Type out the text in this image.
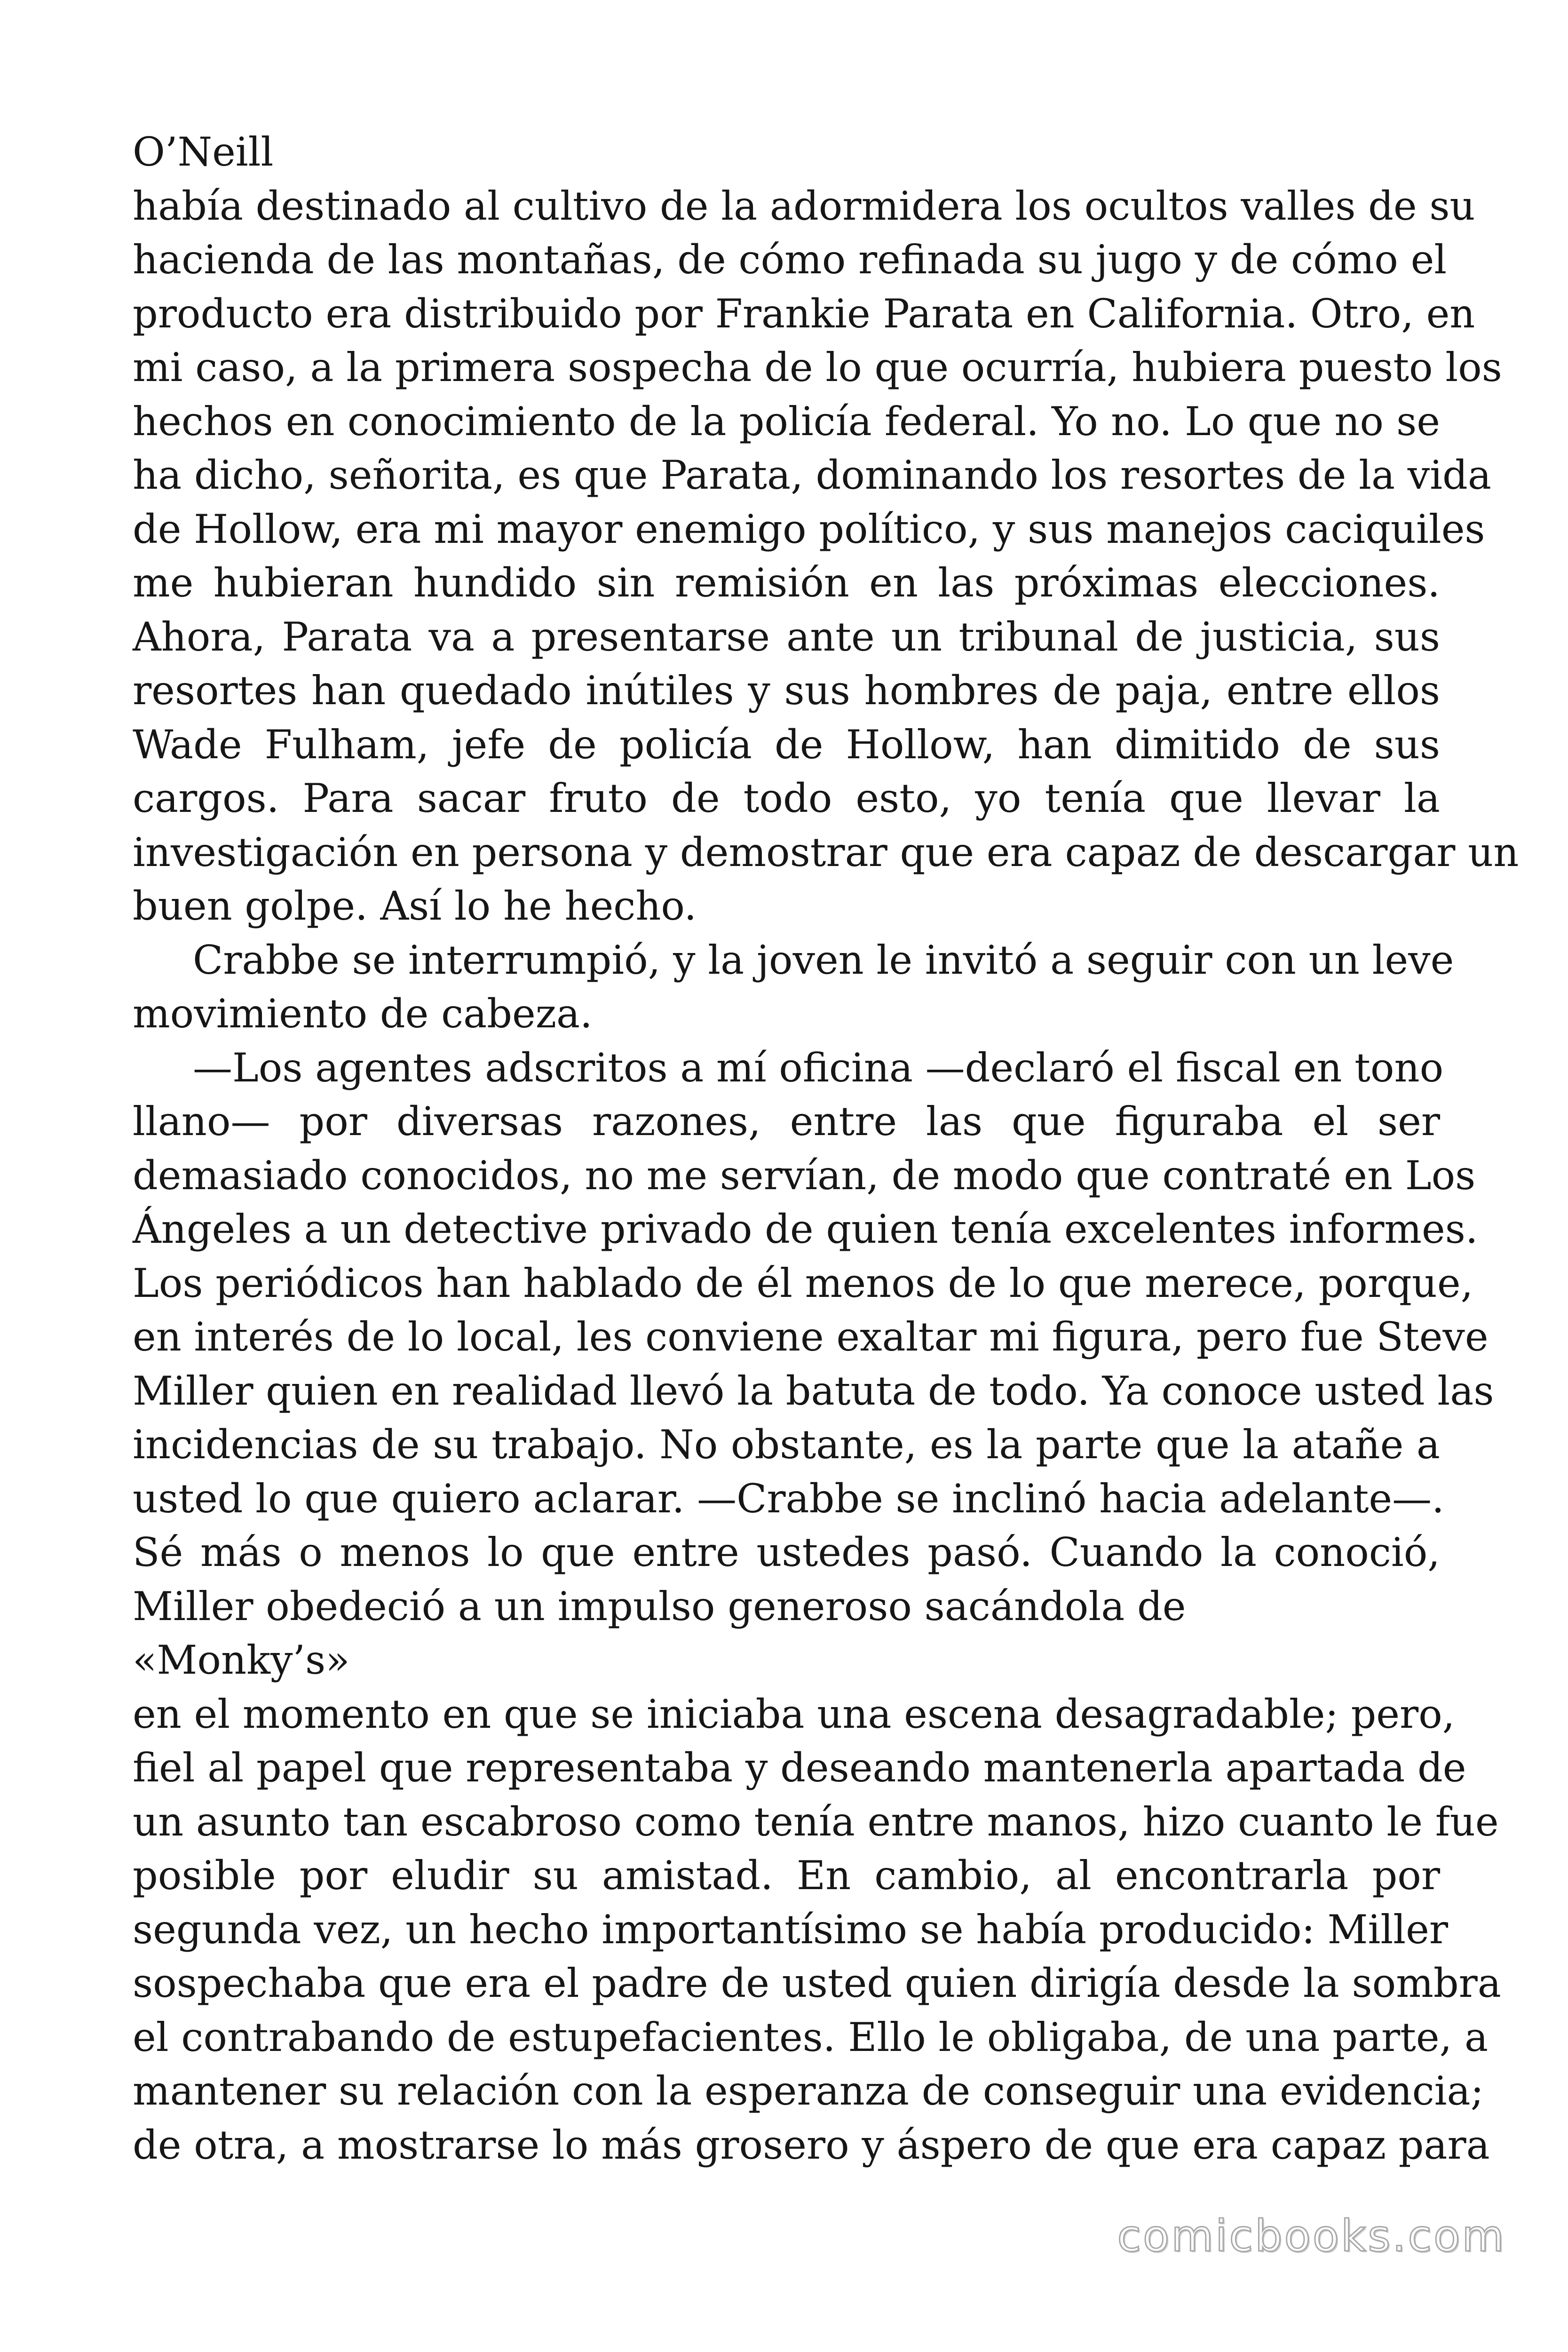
O’Neill
había destinado al cultivo de la adormidera los ocultos valles de su
hacienda de las montañas, de cómo refinada su jugo y de cómo el
producto era distribuido por Frankie Parata en California. Otro, en
mi caso, a la primera sospecha de lo que ocurría, hubiera puesto los
hechos en conocimiento de la policía federal. Yo no. Lo que no se
ha dicho, señorita, es que Parata, dominando los resortes de la vida
de Hollow, era mi mayor enemigo político, y sus manejos caciquiles
me hubieran hundido sin remisión en las próximas elecciones.
Ahora, Parata va a presentarse ante un tribunal de justicia, sus
resortes han quedado inútiles y sus hombres de paja, entre ellos
Wade Fulham, jefe de policía de Hollow, han dimitido de sus
cargos. Para sacar fruto de todo esto, yo tenía que llevar la
investigación en persona y demostrar que era capaz de descargar un
buen golpe. Así lo he hecho.
Crabbe se interrumpió, y la joven le invitó a seguir con un leve
movimiento de cabeza.
—Los agentes adscritos a mí oficina —declaró el fiscal en tono
llano— por diversas razones, entre las que figuraba el ser
demasiado conocidos, no me servían, de modo que contraté en Los
Ángeles a un detective privado de quien tenía excelentes informes.
Los periódicos han hablado de él menos de lo que merece, porque,
en interés de lo local, les conviene exaltar mi figura, pero fue Steve
Miller quien en realidad llevó la batuta de todo. Ya conoce usted las
incidencias de su trabajo. No obstante, es la parte que la atañe a
usted lo que quiero aclarar. —Crabbe se inclinó hacia adelante—.
Sé más o menos lo que entre ustedes pasó. Cuando la conoció,
Miller obedeció a un impulso generoso sacándola de
«Monky’s»
en el momento en que se iniciaba una escena desagradable; pero,
fiel al papel que representaba y deseando mantenerla apartada de
un asunto tan escabroso como tenía entre manos, hizo cuanto le fue
posible por eludir su amistad. En cambio, al encontrarla por
segunda vez, un hecho importantísimo se había producido: Miller
sospechaba que era el padre de usted quien dirigía desde la sombra
el contrabando de estupefacientes. Ello le obligaba, de una parte, a
mantener su relación con la esperanza de conseguir una evidencia;
de otra, a mostrarse lo más grosero y áspero de que era capaz para
comicbooks.com
